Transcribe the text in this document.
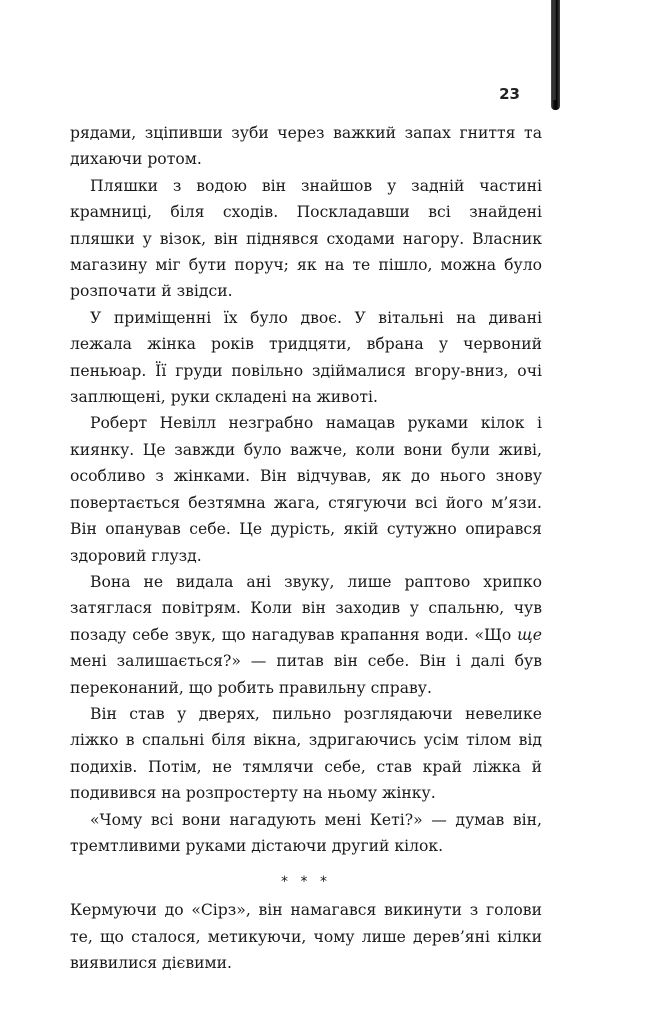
23

рядами, зціпивши зуби через важкий запах гниття та дихаючи ротом.

Пляшки з водою він знайшов у задній частині крамниці, біля сходів. Поскладавши всі знайдені пляшки у візок, він піднявся сходами нагору. Власник магазину міг бути поруч; як на те пішло, можна було розпочати й звідси.

У приміщенні їх було двоє. У вітальні на дивані лежала жінка років тридцяти, вбрана у червоний пеньюар. Її груди повільно здіймалися вгору-вниз, очі заплющені, руки складені на животі.

Роберт Невілл незграбно намацав руками кілок і киянку. Це завжди було важче, коли вони були живі, особливо з жінками. Він відчував, як до нього знову повертається безтямна жага, стягуючи всі його м’язи. Він опанував себе. Це дурість, якій сутужно опирався здоровий глузд.

Вона не видала ані звуку, лише раптово хрипко затяглася повітрям. Коли він заходив у спальню, чув позаду себе звук, що нагадував крапання води. «Що ще мені залишається?» — питав він себе. Він і далі був переконаний, що робить правильну справу.

Він став у дверях, пильно розглядаючи невелике ліжко в спальні біля вікна, здригаючись усім тілом від подихів. Потім, не тямлячи себе, став край ліжка й подивився на розпростерту на ньому жінку.

«Чому всі вони нагадують мені Кеті?» — думав він, тремтливими руками дістаючи другий кілок.

* * *

Кермуючи до «Сірз», він намагався викинути з голови те, що сталося, метикуючи, чому лише дерев’яні кілки виявилися дієвими.
